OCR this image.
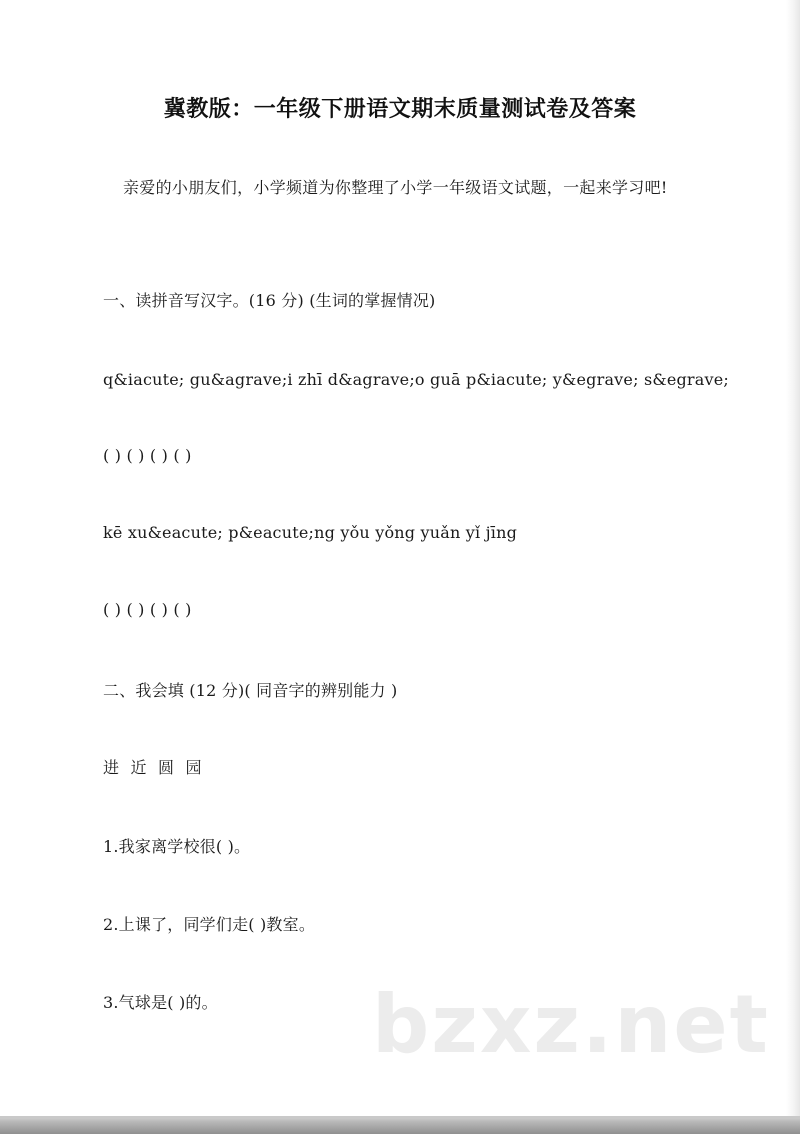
冀教版：一年级下册语文期末质量测试卷及答案
亲爱的小朋友们，小学频道为你整理了小学一年级语文试题，一起来学习吧!
一、读拼音写汉字。(16 分) (生词的掌握情况)
q&iacute; gu&agrave;i zhī d&agrave;o guā p&iacute; y&egrave; s&egrave;
( ) ( ) ( ) ( )
kē xu&eacute; p&eacute;ng yǒu yǒng yuǎn yǐ jīng
( ) ( ) ( ) ( )
二、我会填 (12 分)( 同音字的辨别能力 )
进 近 圆 园
1.我家离学校很( )。
2.上课了，同学们走( )教室。
3.气球是( )的。 bzxz.net
